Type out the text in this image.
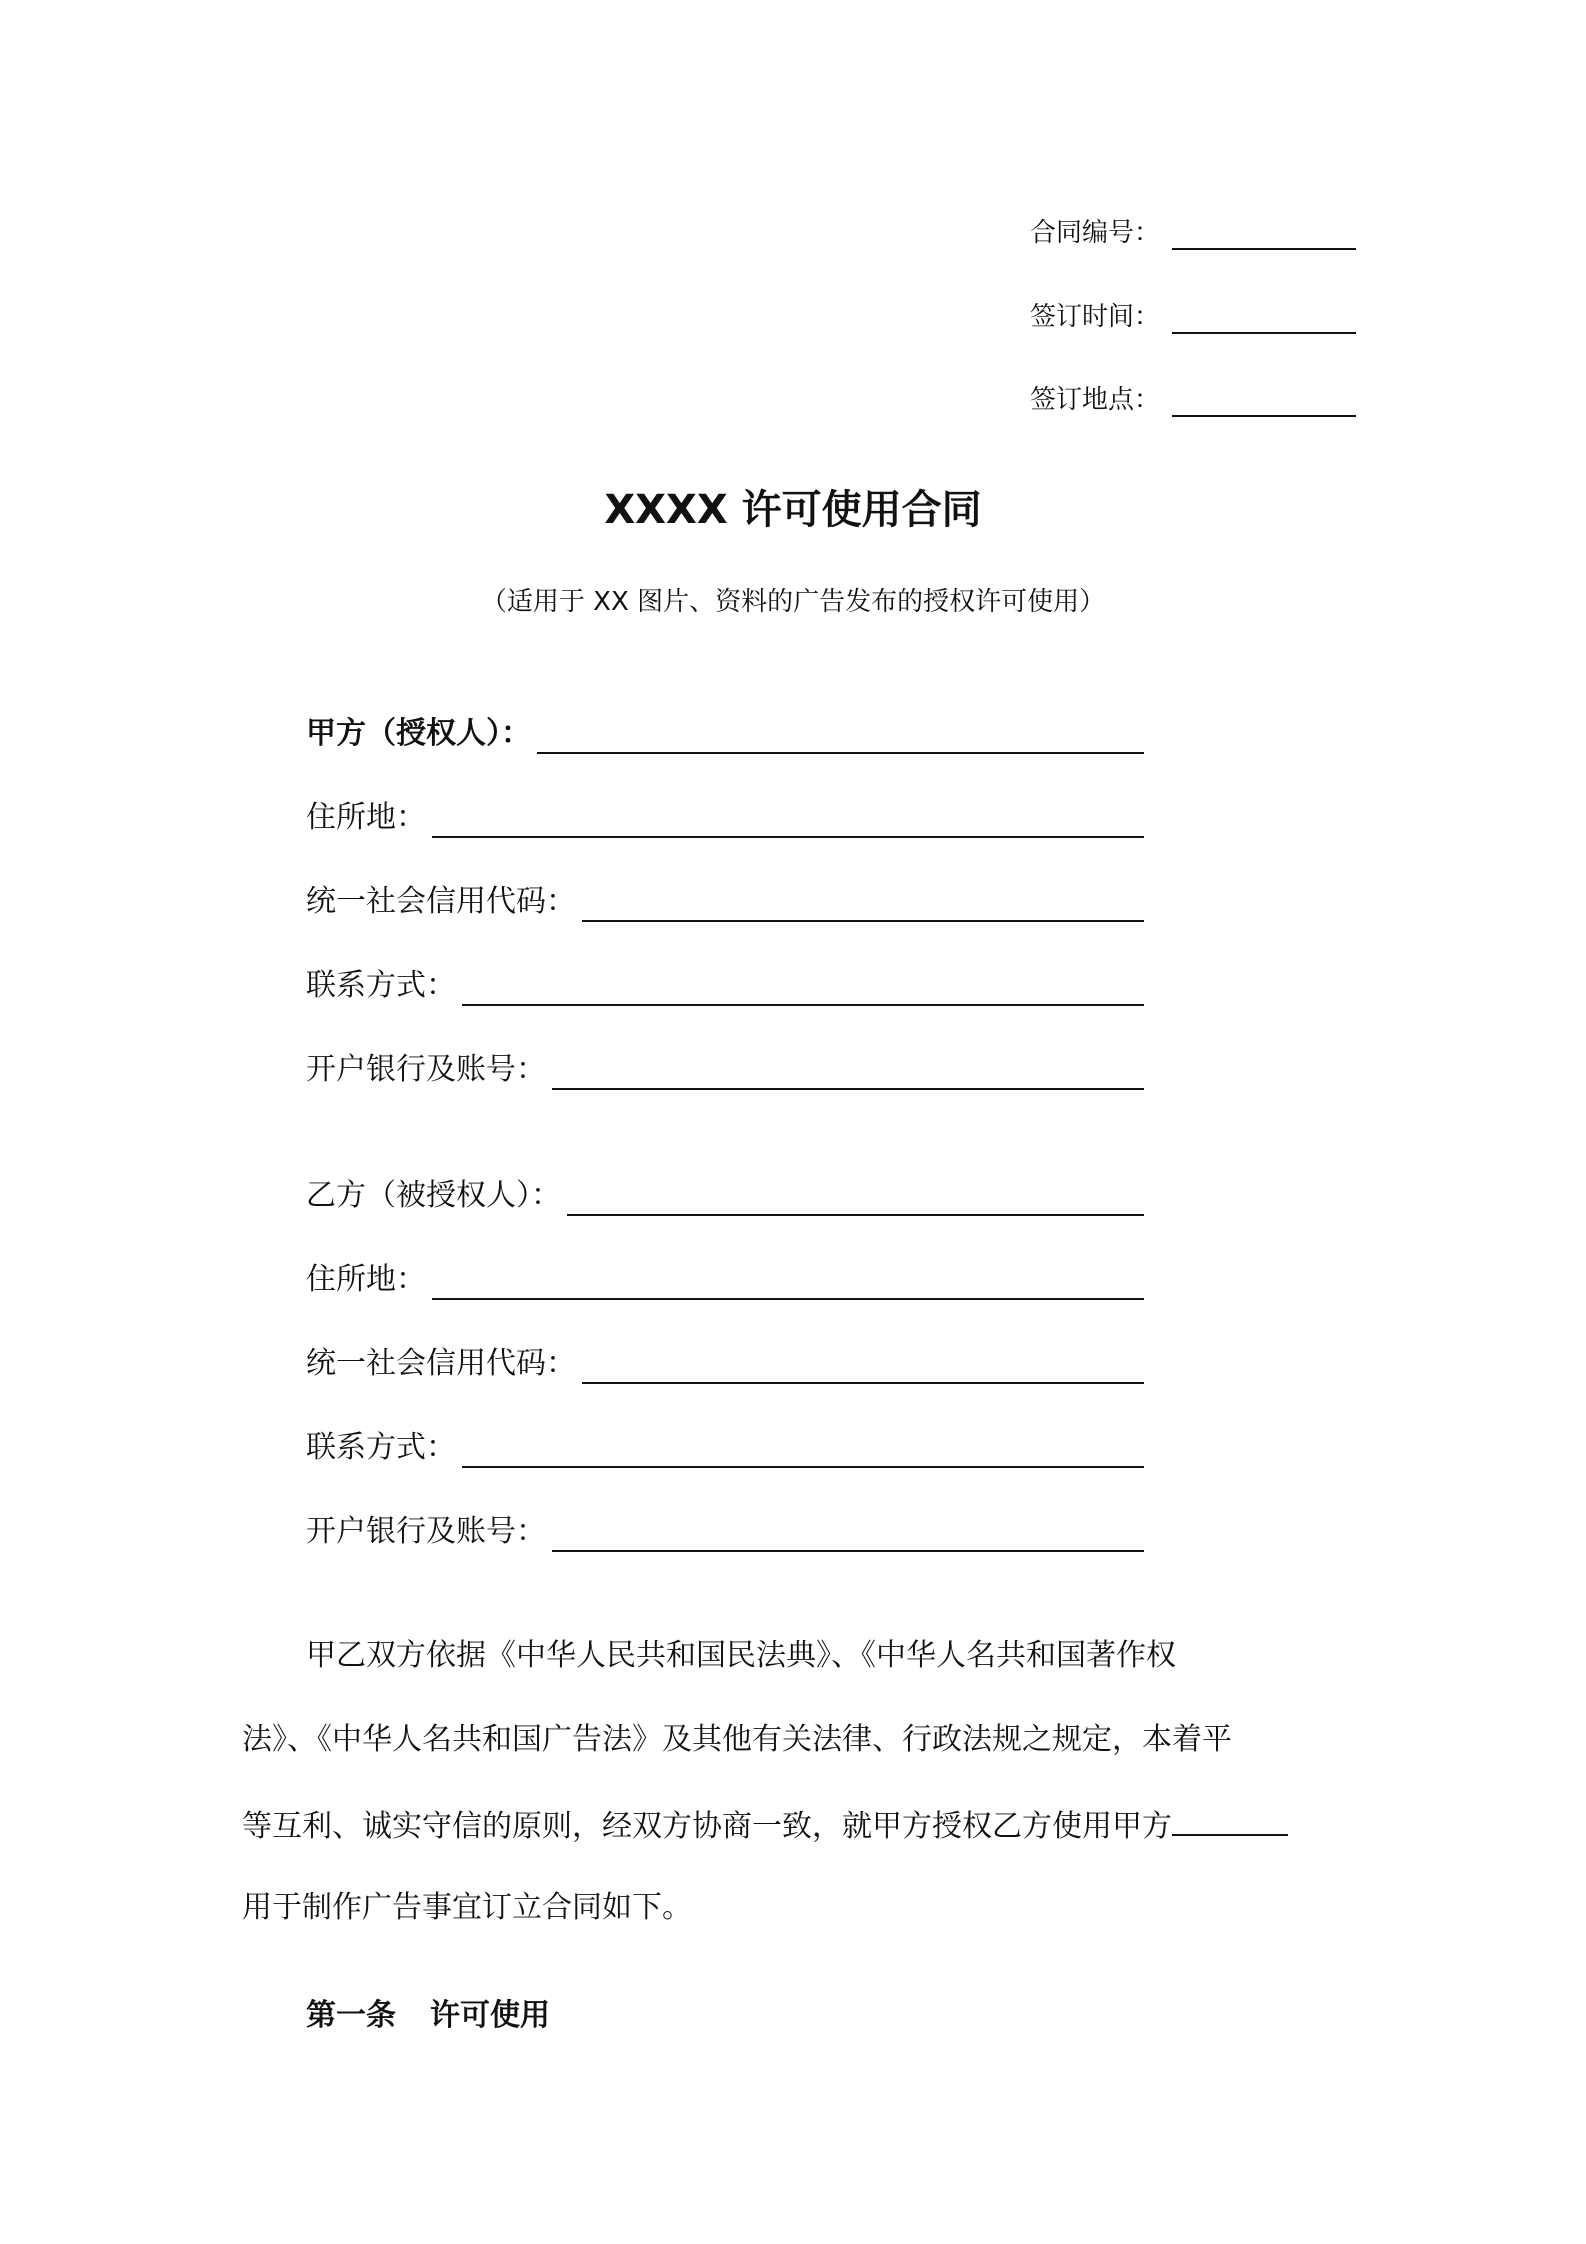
合同编号：
签订时间：
签订地点：
XXXX 许可使用合同
（适用于 XX 图片、资料的广告发布的授权许可使用）
甲方（授权人）：
住所地：
统一社会信用代码：
联系方式：
开户银行及账号：
乙方（被授权人）：
住所地：
统一社会信用代码：
联系方式：
开户银行及账号：
甲乙双方依据《中华人民共和国民法典》、《中华人名共和国著作权
法》、《中华人名共和国广告法》及其他有关法律、行政法规之规定，本着平
等互利、诚实守信的原则，经双方协商一致，就甲方授权乙方使用甲方
用于制作广告事宜订立合同如下。
第一条 许可使用
